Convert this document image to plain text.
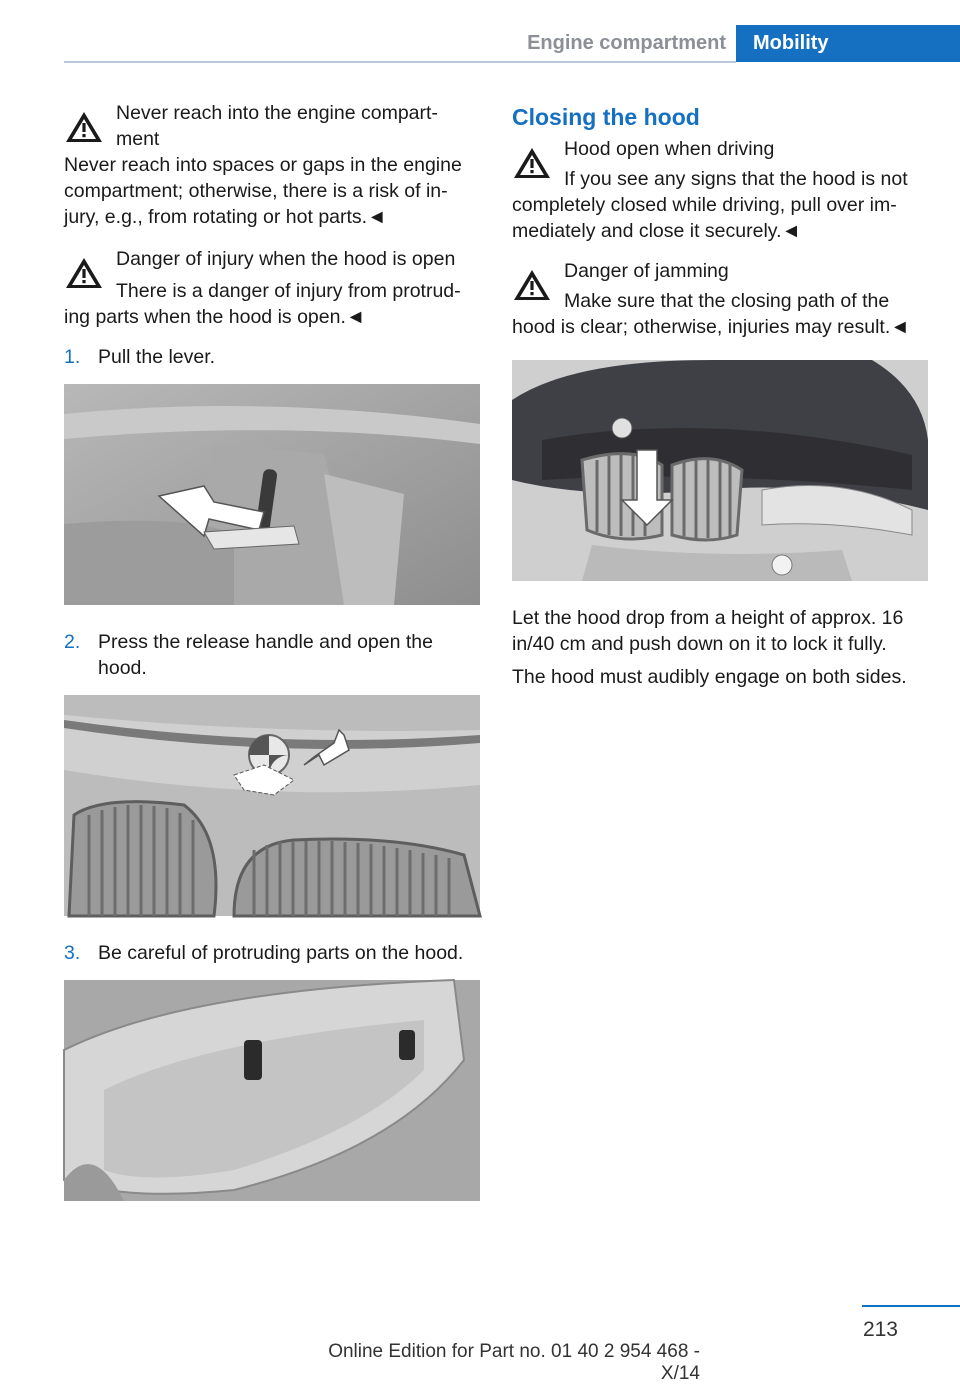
Engine compartment	Mobility
Never reach into the engine compart-
ment
Never reach into spaces or gaps in the engine compartment; otherwise, there is a risk of in-jury, e.g., from rotating or hot parts.◄
Danger of injury when the hood is open
There is a danger of injury from protrud-
ing parts when the hood is open.◄
1. Pull the lever.
2. Press the release handle and open the hood.
3. Be careful of protruding parts on the hood.
Closing the hood
Hood open when driving
If you see any signs that the hood is not
completely closed while driving, pull over im-mediately and close it securely.◄
Danger of jamming
Make sure that the closing path of the
hood is clear; otherwise, injuries may result.◄
Let the hood drop from a height of approx. 16 in/40 cm and push down on it to lock it fully.
The hood must audibly engage on both sides.
213
Online Edition for Part no. 01 40 2 954 468 - X/14
